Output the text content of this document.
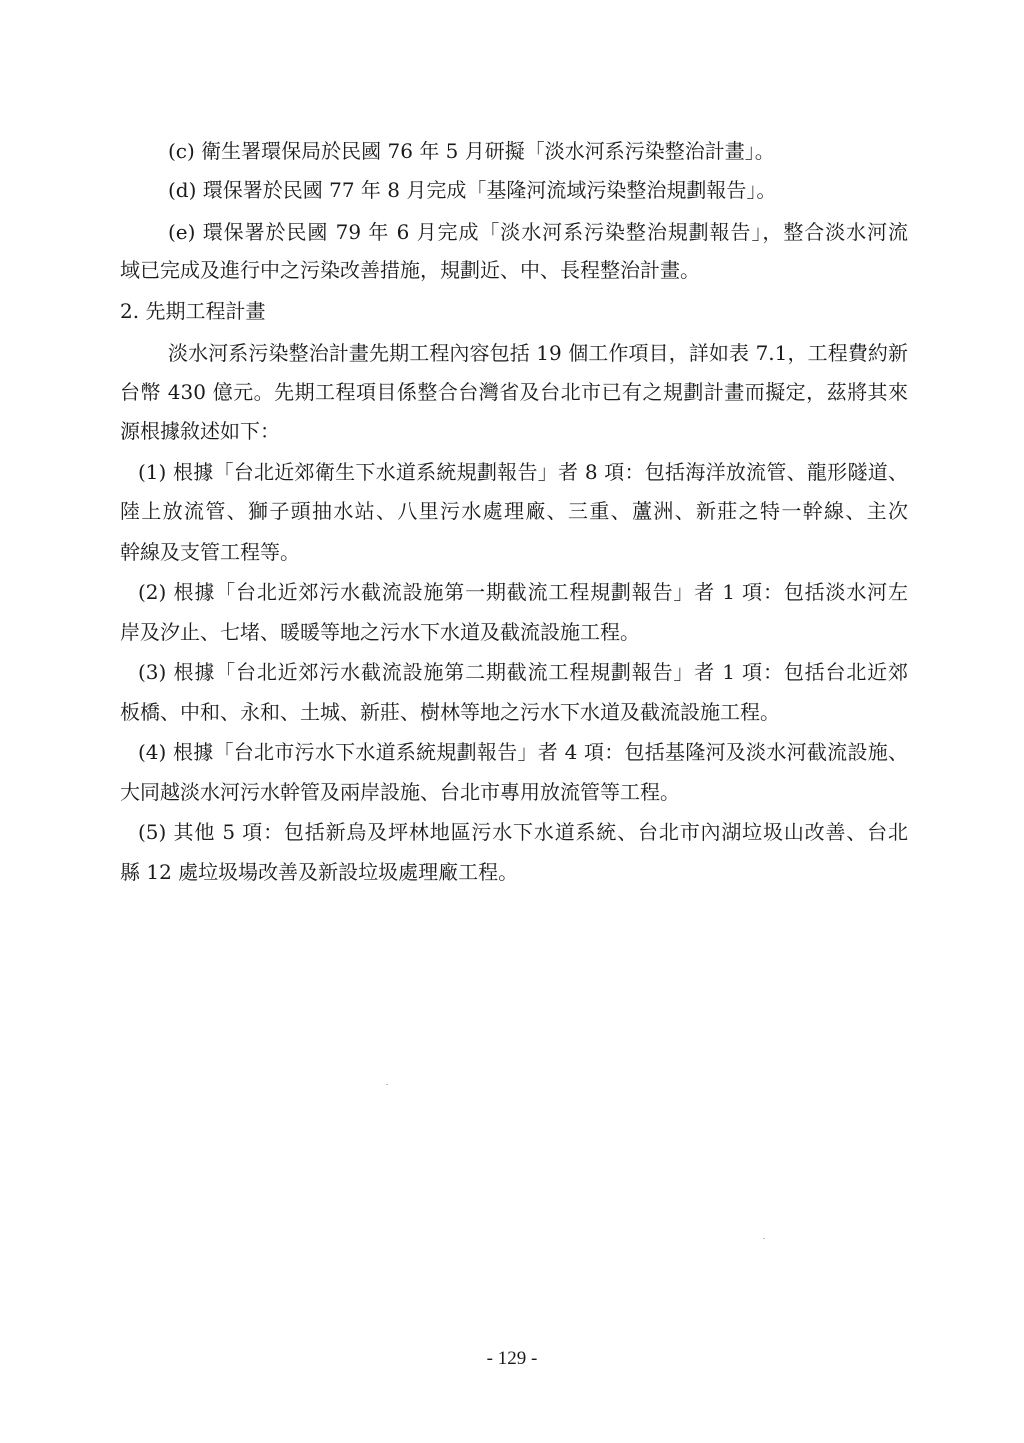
(c) 衛生署環保局於民國 76 年 5 月研擬「淡水河系污染整治計畫」。
(d) 環保署於民國 77 年 8 月完成「基隆河流域污染整治規劃報告」。
(e) 環保署於民國 79 年 6 月完成「淡水河系污染整治規劃報告」，整合淡水河流
域已完成及進行中之污染改善措施，規劃近、中、長程整治計畫。
2. 先期工程計畫
淡水河系污染整治計畫先期工程內容包括 19 個工作項目，詳如表 7.1，工程費約新
台幣 430 億元。先期工程項目係整合台灣省及台北市已有之規劃計畫而擬定，茲將其來
源根據敘述如下：
(1) 根據「台北近郊衛生下水道系統規劃報告」者 8 項：包括海洋放流管、龍形隧道、
陸上放流管、獅子頭抽水站、八里污水處理廠、三重、蘆洲、新莊之特一幹線、主次
幹線及支管工程等。
(2) 根據「台北近郊污水截流設施第一期截流工程規劃報告」者 1 項：包括淡水河左
岸及汐止、七堵、暖暖等地之污水下水道及截流設施工程。
(3) 根據「台北近郊污水截流設施第二期截流工程規劃報告」者 1 項：包括台北近郊
板橋、中和、永和、土城、新莊、樹林等地之污水下水道及截流設施工程。
(4) 根據「台北市污水下水道系統規劃報告」者 4 項：包括基隆河及淡水河截流設施、
大同越淡水河污水幹管及兩岸設施、台北市專用放流管等工程。
(5) 其他 5 項：包括新烏及坪林地區污水下水道系統、台北市內湖垃圾山改善、台北
縣 12 處垃圾場改善及新設垃圾處理廠工程。
- 129 -
